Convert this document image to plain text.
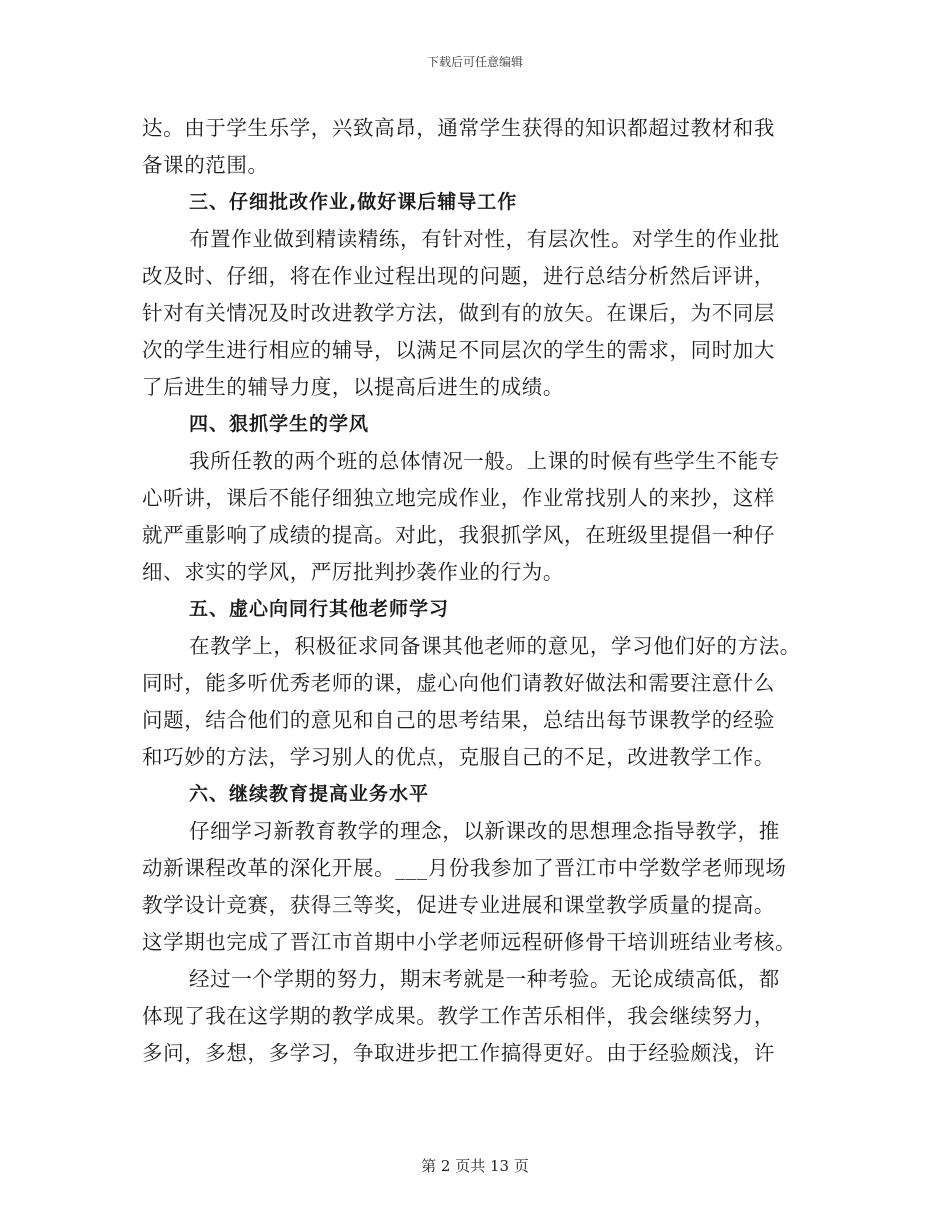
下载后可任意编辑
达。由于学生乐学，兴致高昂，通常学生获得的知识都超过教材和我
备课的范围。
三、仔细批改作业,做好课后辅导工作
布置作业做到精读精练，有针对性，有层次性。对学生的作业批
改及时、仔细，将在作业过程出现的问题，进行总结分析然后评讲，
针对有关情况及时改进教学方法，做到有的放矢。在课后，为不同层
次的学生进行相应的辅导，以满足不同层次的学生的需求，同时加大
了后进生的辅导力度，以提高后进生的成绩。
四、狠抓学生的学风
我所任教的两个班的总体情况一般。上课的时候有些学生不能专
心听讲，课后不能仔细独立地完成作业，作业常找别人的来抄，这样
就严重影响了成绩的提高。对此，我狠抓学风，在班级里提倡一种仔
细、求实的学风，严厉批判抄袭作业的行为。
五、虚心向同行其他老师学习
在教学上，积极征求同备课其他老师的意见，学习他们好的方法。
同时，能多听优秀老师的课，虚心向他们请教好做法和需要注意什么
问题，结合他们的意见和自己的思考结果，总结出每节课教学的经验
和巧妙的方法，学习别人的优点，克服自己的不足，改进教学工作。
六、继续教育提高业务水平
仔细学习新教育教学的理念，以新课改的思想理念指导教学，推
动新课程改革的深化开展。___月份我参加了晋江市中学数学老师现场
教学设计竞赛，获得三等奖，促进专业进展和课堂教学质量的提高。
这学期也完成了晋江市首期中小学老师远程研修骨干培训班结业考核。
经过一个学期的努力，期末考就是一种考验。无论成绩高低，都
体现了我在这学期的教学成果。教学工作苦乐相伴，我会继续努力，
多问，多想，多学习，争取进步把工作搞得更好。由于经验颇浅，许
第 2 页共 13 页
